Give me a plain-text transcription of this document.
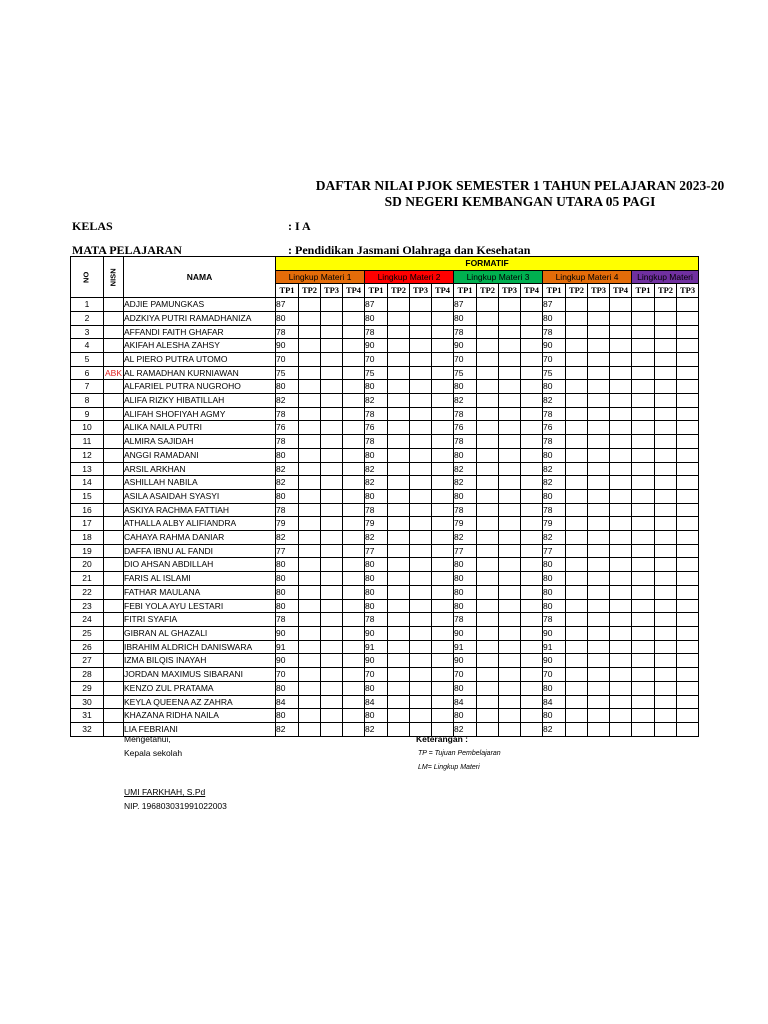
DAFTAR NILAI PJOK SEMESTER 1 TAHUN PELAJARAN 2023-20
SD NEGERI KEMBANGAN UTARA 05 PAGI
KELAS	: I A
MATA PELAJARAN	: Pendidikan Jasmani Olahraga dan Kesehatan
NO	NISN	NAMA	FORMATIF																		
			Lingkup Materi 1				Lingkup Materi 2				Lingkup Materi 3				Lingkup Materi 4				Lingkup Materi		
			TP1	TP2	TP3	TP4	TP1	TP2	TP3	TP4	TP1	TP2	TP3	TP4	TP1	TP2	TP3	TP4	TP1	TP2	TP3
1		ADJIE PAMUNGKAS	87				87				87				87						
2		ADZKIYA PUTRI RAMADHANIZA	80				80				80				80						
3		AFFANDI FAITH GHAFAR	78				78				78				78						
4		AKIFAH ALESHA ZAHSY	90				90				90				90						
5		AL PIERO PUTRA UTOMO	70				70				70				70						
6	ABK	AL RAMADHAN KURNIAWAN	75				75				75				75						
7		ALFARIEL PUTRA NUGROHO	80				80				80				80						
8		ALIFA RIZKY HIBATILLAH	82				82				82				82						
9		ALIFAH SHOFIYAH AGMY	78				78				78				78						
10		ALIKA NAILA PUTRI	76				76				76				76						
11		ALMIRA SAJIDAH	78				78				78				78						
12		ANGGI RAMADANI	80				80				80				80						
13		ARSIL ARKHAN	82				82				82				82						
14		ASHILLAH NABILA	82				82				82				82						
15		ASILA ASAIDAH SYASYI	80				80				80				80						
16		ASKIYA RACHMA FATTIAH	78				78				78				78						
17		ATHALLA ALBY ALIFIANDRA	79				79				79				79						
18		CAHAYA RAHMA DANIAR	82				82				82				82						
19		DAFFA IBNU AL FANDI	77				77				77				77						
20		DIO AHSAN ABDILLAH	80				80				80				80						
21		FARIS AL ISLAMI	80				80				80				80						
22		FATHAR MAULANA	80				80				80				80						
23		FEBI YOLA AYU LESTARI	80				80				80				80						
24		FITRI SYAFIA	78				78				78				78						
25		GIBRAN AL GHAZALI	90				90				90				90						
26		IBRAHIM ALDRICH DANISWARA	91				91				91				91						
27		IZMA BILQIS INAYAH	90				90				90				90						
28		JORDAN MAXIMUS SIBARANI	70				70				70				70						
29		KENZO ZUL PRATAMA	80				80				80				80						
30		KEYLA QUEENA AZ ZAHRA	84				84				84				84						
31		KHAZANA RIDHA NAILA	80				80				80				80						
32		LIA FEBRIANI	82				82				82				82						
Mengetahui,
Kepala sekolah
UMI FARKHAH, S.Pd
NIP. 196803031991022003
Keterangan :
TP = Tujuan Pembelajaran
LM= Lingkup Materi
